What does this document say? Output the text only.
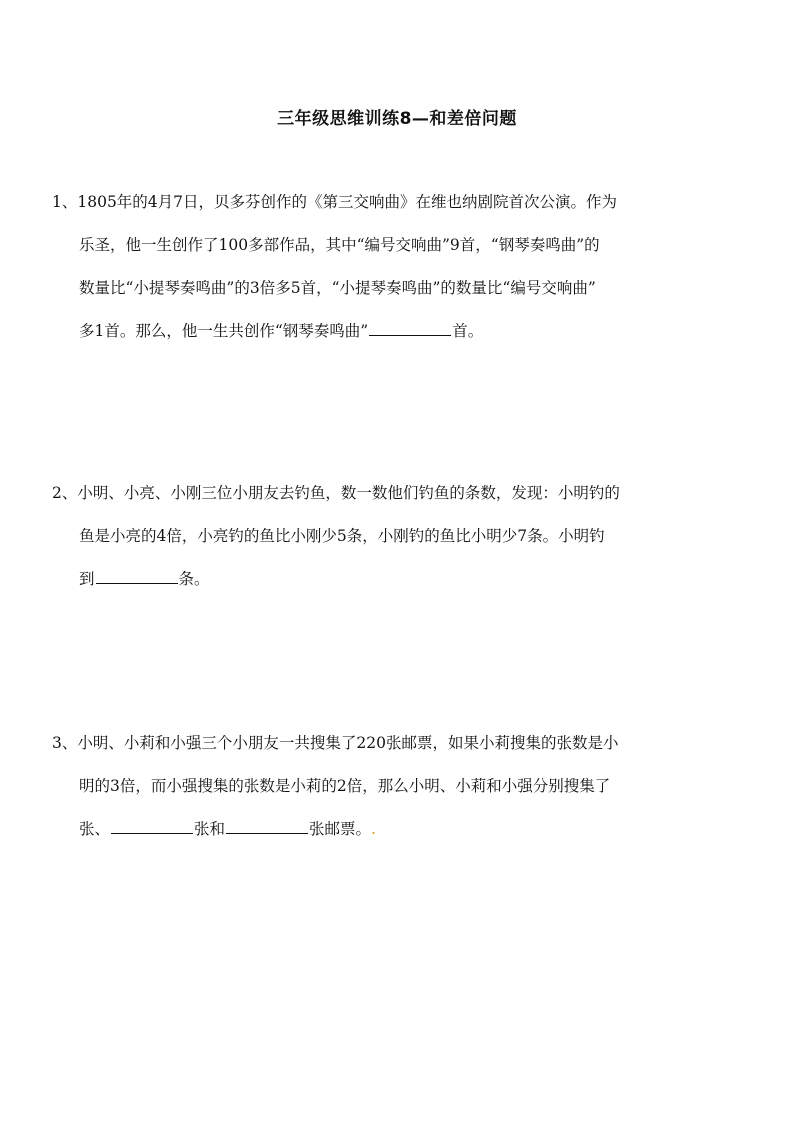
三年级思维训练8—和差倍问题
1、1805年的4月7日，贝多芬创作的《第三交响曲》在维也纳剧院首次公演。作为
乐圣，他一生创作了100多部作品，其中“编号交响曲”9首，“钢琴奏鸣曲”的
数量比“小提琴奏鸣曲”的3倍多5首，“小提琴奏鸣曲”的数量比“编号交响曲”
多1首。那么，他一生共创作“钢琴奏鸣曲”	首。
2、小明、小亮、小刚三位小朋友去钓鱼，数一数他们钓鱼的条数，发现：小明钓的
鱼是小亮的4倍，小亮钓的鱼比小刚少5条，小刚钓的鱼比小明少7条。小明钓
到	条。
3、小明、小莉和小强三个小朋友一共搜集了220张邮票，如果小莉搜集的张数是小
明的3倍，而小强搜集的张数是小莉的2倍，那么小明、小莉和小强分别搜集了
张、	张和	张邮票。.
